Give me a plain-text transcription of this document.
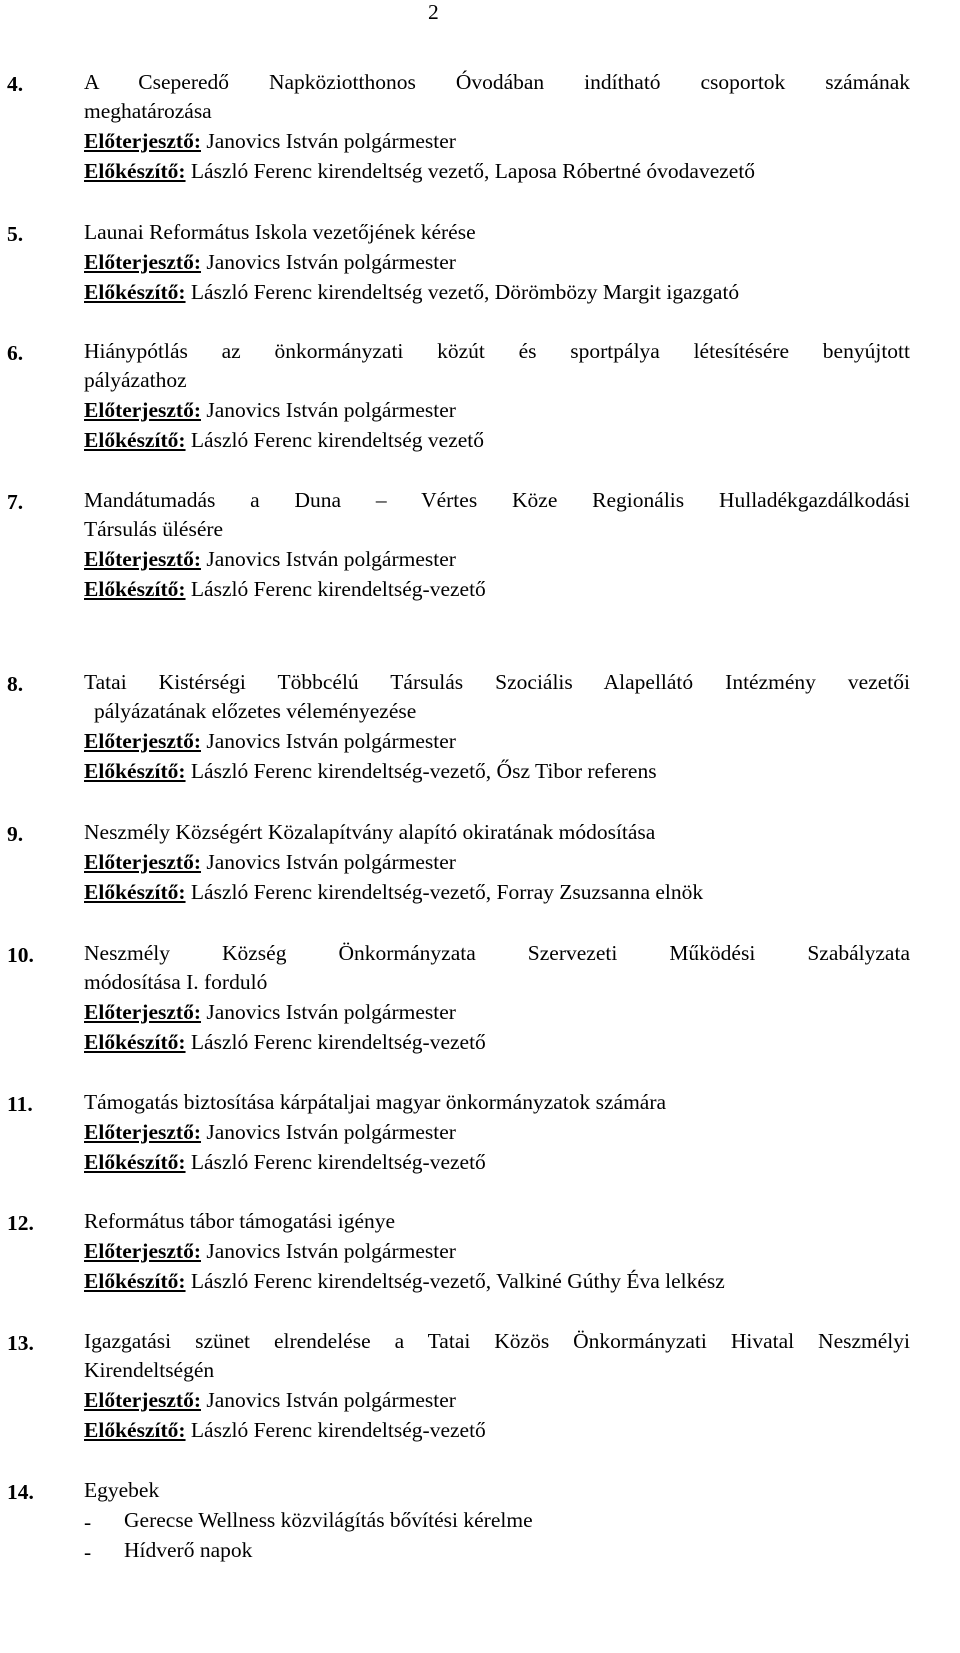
2
4.	A Cseperedő Napköziotthonos Óvodában indítható csoportok számának
meghatározása
Előterjesztő: Janovics István polgármester
Előkészítő: László Ferenc kirendeltség vezető, Laposa Róbertné óvodavezető
5.	Launai Református Iskola vezetőjének kérése
Előterjesztő: Janovics István polgármester
Előkészítő: László Ferenc kirendeltség vezető, Dörömbözy Margit igazgató
6.	Hiánypótlás az önkormányzati közút és sportpálya létesítésére benyújtott
pályázathoz
Előterjesztő: Janovics István polgármester
Előkészítő: László Ferenc kirendeltség vezető
7.	Mandátumadás a Duna – Vértes Köze Regionális Hulladékgazdálkodási
Társulás ülésére
Előterjesztő: Janovics István polgármester
Előkészítő: László Ferenc kirendeltség-vezető
8.	Tatai Kistérségi Többcélú Társulás Szociális Alapellátó Intézmény vezetői
pályázatának előzetes véleményezése
Előterjesztő: Janovics István polgármester
Előkészítő: László Ferenc kirendeltség-vezető, Ősz Tibor referens
9.	Neszmély Községért Közalapítvány alapító okiratának módosítása
Előterjesztő: Janovics István polgármester
Előkészítő: László Ferenc kirendeltség-vezető, Forray Zsuzsanna elnök
10. Neszmély Község Önkormányzata Szervezeti Működési Szabályzata
módosítása I. forduló
Előterjesztő: Janovics István polgármester
Előkészítő: László Ferenc kirendeltség-vezető
11. Támogatás biztosítása kárpátaljai magyar önkormányzatok számára
Előterjesztő: Janovics István polgármester
Előkészítő: László Ferenc kirendeltség-vezető
12. Református tábor támogatási igénye
Előterjesztő: Janovics István polgármester
Előkészítő: László Ferenc kirendeltség-vezető, Valkiné Gúthy Éva lelkész
13. Igazgatási szünet elrendelése a Tatai Közös Önkormányzati Hivatal Neszmélyi
Kirendeltségén
Előterjesztő: Janovics István polgármester
Előkészítő: László Ferenc kirendeltség-vezető
14. Egyebek
- Gerecse Wellness közvilágítás bővítési kérelme
- Hídverő napok
